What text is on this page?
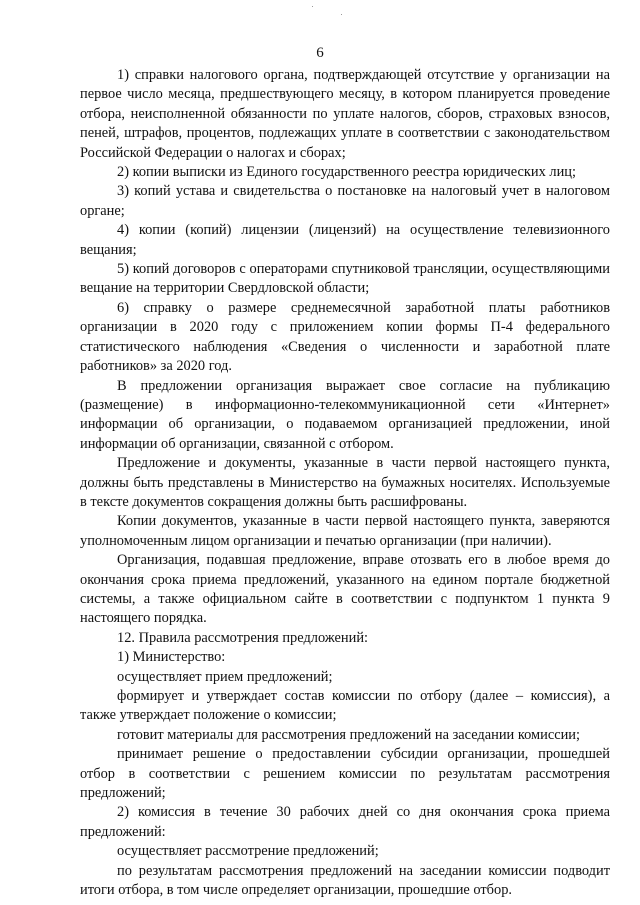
6

1) справки налогового органа, подтверждающей отсутствие у организации на первое число месяца, предшествующего месяцу, в котором планируется проведение отбора, неисполненной обязанности по уплате налогов, сборов, страховых взносов, пеней, штрафов, процентов, подлежащих уплате в соответствии с законодательством Российской Федерации о налогах и сборах;

2) копии выписки из Единого государственного реестра юридических лиц;

3) копий устава и свидетельства о постановке на налоговый учет в налоговом органе;

4) копии (копий) лицензии (лицензий) на осуществление телевизионного вещания;

5) копий договоров с операторами спутниковой трансляции, осуществляющими вещание на территории Свердловской области;

6) справку о размере среднемесячной заработной платы работников организации в 2020 году с приложением копии формы П-4 федерального статистического наблюдения «Сведения о численности и заработной плате работников» за 2020 год.

В предложении организация выражает свое согласие на публикацию (размещение) в информационно-телекоммуникационной сети «Интернет» информации об организации, о подаваемом организацией предложении, иной информации об организации, связанной с отбором.

Предложение и документы, указанные в части первой настоящего пункта, должны быть представлены в Министерство на бумажных носителях. Используемые в тексте документов сокращения должны быть расшифрованы.

Копии документов, указанные в части первой настоящего пункта, заверяются уполномоченным лицом организации и печатью организации (при наличии).

Организация, подавшая предложение, вправе отозвать его в любое время до окончания срока приема предложений, указанного на едином портале бюджетной системы, а также официальном сайте в соответствии с подпунктом 1 пункта 9 настоящего порядка.

12. Правила рассмотрения предложений:

1) Министерство:

осуществляет прием предложений;

формирует и утверждает состав комиссии по отбору (далее – комиссия), а также утверждает положение о комиссии;

готовит материалы для рассмотрения предложений на заседании комиссии;

принимает решение о предоставлении субсидии организации, прошедшей отбор в соответствии с решением комиссии по результатам рассмотрения предложений;

2) комиссия в течение 30 рабочих дней со дня окончания срока приема предложений:

осуществляет рассмотрение предложений;

по результатам рассмотрения предложений на заседании комиссии подводит итоги отбора, в том числе определяет организации, прошедшие отбор.
